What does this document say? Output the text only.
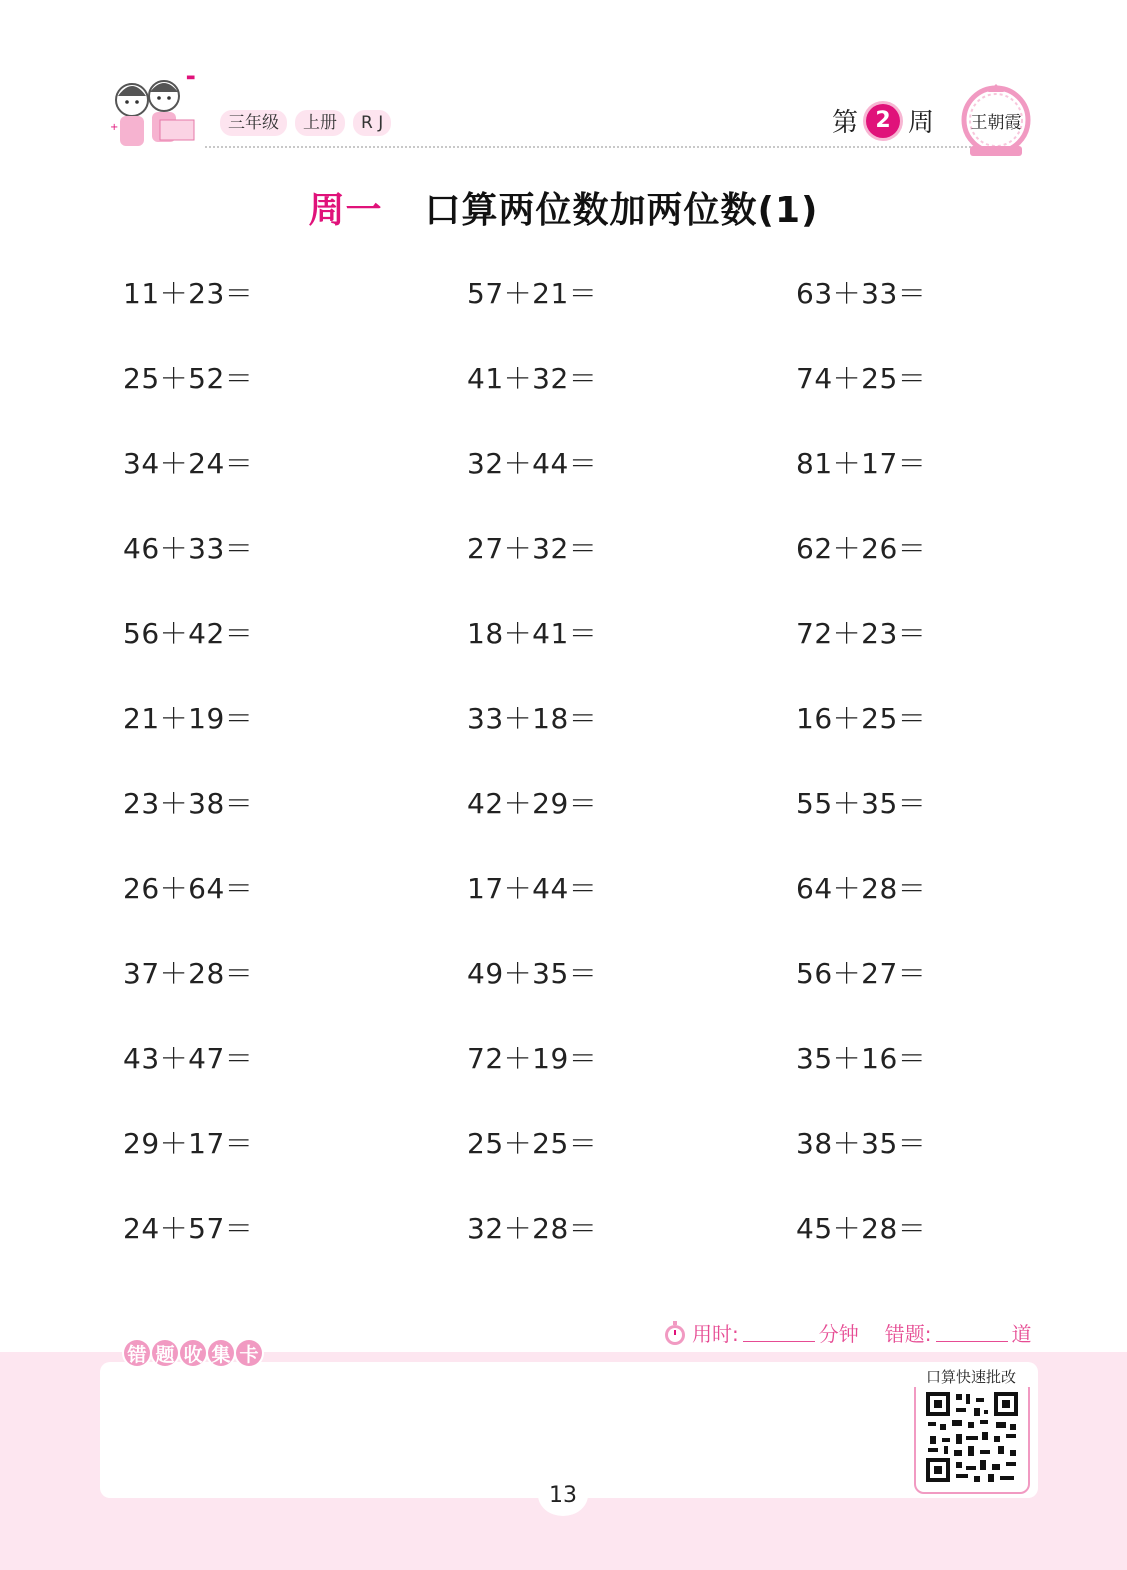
▬
+	三年级	上册	R J	第 2 周 王朝霞
周一 口算两位数加两位数(1)
11＋23＝	57＋21＝	63＋33＝
25＋52＝	41＋32＝	74＋25＝
34＋24＝	32＋44＝	81＋17＝
46＋33＝	27＋32＝	62＋26＝
56＋42＝	18＋41＝	72＋23＝
21＋19＝	33＋18＝	16＋25＝
23＋38＝	42＋29＝	55＋35＝
26＋64＝	17＋44＝	64＋28＝
37＋28＝	49＋35＝	56＋27＝
43＋47＝	72＋19＝	35＋16＝
29＋17＝	25＋25＝	38＋35＝
24＋57＝	32＋28＝	45＋28＝
用时:	分钟 错题:	道
错 题 收 集 卡
口算快速批改
13
